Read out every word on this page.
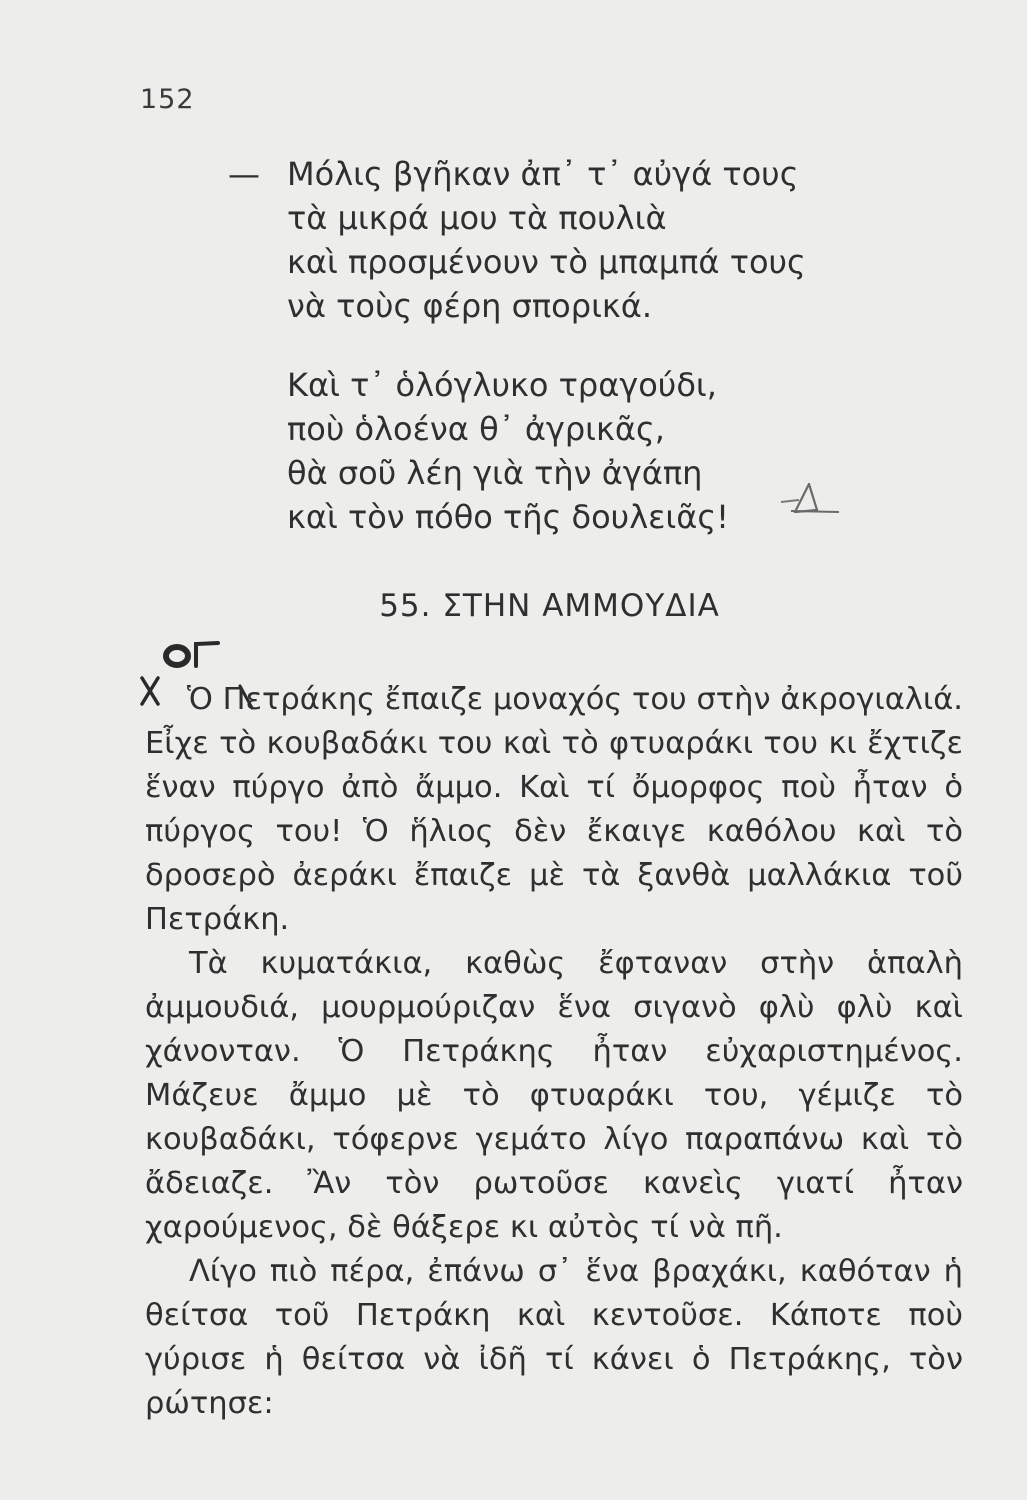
152
— Μόλις βγῆκαν ἀπ᾿ τ᾿ αὐγά τους
τὰ μικρά μου τὰ πουλιὰ
καὶ προσμένουν τὸ μπαμπά τους
νὰ τοὺς φέρη σπορικά.
Καὶ τ᾿ ὁλόγλυκο τραγούδι,
ποὺ ὁλοένα θ᾿ ἀγρικᾶς,
θὰ σοῦ λέη γιὰ τὴν ἀγάπη
καὶ τὸν πόθο τῆς δουλειᾶς!
55. ΣΤΗΝ ΑΜΜΟΥΔΙΑ

Ὁ Πετράκης ἔπαιζε μοναχός του στὴν ἀκρογιαλιά. Εἶχε τὸ κουβαδάκι του καὶ τὸ φτυαράκι του κι ἔχτιζε ἕναν πύργο ἀπὸ ἄμμο. Καὶ τί ὄμορφος ποὺ ἦταν ὁ πύργος του! Ὁ ἥλιος δὲν ἔκαιγε καθόλου καὶ τὸ δροσερὸ ἀεράκι ἔπαιζε μὲ τὰ ξανθὰ μαλλάκια τοῦ Πετράκη.

Τὰ κυματάκια, καθὼς ἔφταναν στὴν ἁπαλὴ ἀμμουδιά, μουρμούριζαν ἕνα σιγανὸ φλὺ φλὺ καὶ χάνονταν. Ὁ Πετράκης ἦταν εὐχαριστημένος. Μάζευε ἄμμο μὲ τὸ φτυαράκι του, γέμιζε τὸ κουβαδάκι, τόφερνε γεμάτο λίγο παραπάνω καὶ τὸ ἄδειαζε. Ἂν τὸν ρωτοῦσε κανεὶς γιατί ἦταν χαρούμενος, δὲ θάξερε κι αὐτὸς τί νὰ πῆ.

Λίγο πιὸ πέρα, ἐπάνω σ᾿ ἕνα βραχάκι, καθόταν ἡ θείτσα τοῦ Πετράκη καὶ κεντοῦσε. Κάποτε ποὺ γύρισε ἡ θείτσα νὰ ἰδῆ τί κάνει ὁ Πετράκης, τὸν ρώτησε:
